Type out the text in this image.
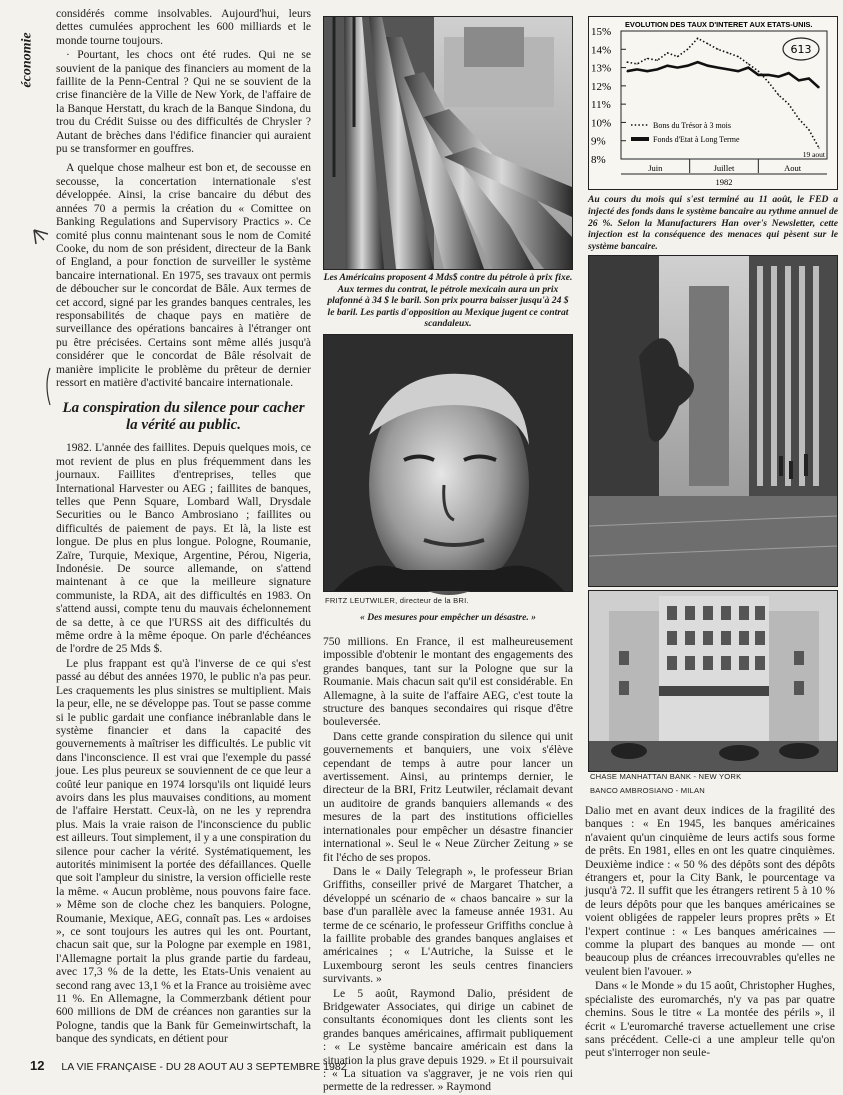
économie

considérés comme insolvables. Aujourd'hui, leurs dettes cumulées approchent les 600 milliards et le monde tourne toujours.

· Pourtant, les chocs ont été rudes. Qui ne se souvient de la panique des financiers au moment de la faillite de la Penn-Central ? Qui ne se souvient de la crise financière de la Ville de New York, de l'affaire de la Banque Herstatt, du krach de la Banque Sindona, du trou du Crédit Suisse ou des difficultés de Chrysler ? Autant de brèches dans l'édifice financier qui auraient pu se transformer en gouffres.

A quelque chose malheur est bon et, de secousse en secousse, la concertation internationale s'est développée. Ainsi, la crise bancaire du début des années 70 a permis la création du « Comittee on Banking Regulations and Supervisory Practics ». Ce comité plus connu maintenant sous le nom de Comité Cooke, du nom de son président, directeur de la Bank of England, a pour fonction de surveiller le système bancaire international. En 1975, ses travaux ont permis de déboucher sur le concordat de Bâle. Aux termes de cet accord, signé par les grandes banques centrales, les responsabilités de chaque pays en matière de surveillance des opérations bancaires à l'étranger ont pu être précisées. Certains sont même allés jusqu'à considérer que le concordat de Bâle résolvait de manière implicite le problème du prêteur de dernier ressort en matière d'activité bancaire internationale.

La conspiration du silence pour cacher la vérité au public.

1982. L'année des faillites. Depuis quelques mois, ce mot revient de plus en plus fréquemment dans les journaux. Faillites d'entreprises, telles que International Harvester ou AEG ; faillites de banques, telles que Penn Square, Lombard Wall, Drysdale Securities ou le Banco Ambrosiano ; faillites ou difficultés de paiement de pays. Et là, la liste est longue. De plus en plus longue. Pologne, Roumanie, Zaïre, Turquie, Mexique, Argentine, Pérou, Nigeria, Indonésie. De source allemande, on s'attend maintenant à ce que la meilleure signature communiste, la RDA, ait des difficultés en 1983. On s'attend aussi, compte tenu du mauvais échelonnement de sa dette, à ce que l'URSS ait des difficultés du même ordre à la même époque. On parle d'échéances de l'ordre de 25 Mds $.

Le plus frappant est qu'à l'inverse de ce qui s'est passé au début des années 1970, le public n'a pas peur. Les craquements les plus sinistres se multiplient. Mais la peur, elle, ne se développe pas. Tout se passe comme si le public gardait une confiance inébranlable dans le système financier et dans la capacité des gouvernements à maîtriser les difficultés. Le public vit dans l'inconscience. Il est vrai que l'exemple du passé joue. Les plus peureux se souviennent de ce que leur a coûté leur panique en 1974 lorsqu'ils ont liquidé leurs avoirs dans les plus mauvaises conditions, au moment de l'affaire Herstatt. Ceux-là, on ne les y reprendra plus. Mais la vraie raison de l'inconscience du public est ailleurs. Tout simplement, il y a une conspiration du silence pour cacher la vérité. Systématiquement, les autorités minimisent la portée des défaillances. Quelle que soit l'ampleur du sinistre, la version officielle reste la même. « Aucun problème, nous pouvons faire face. » Même son de cloche chez les banquiers. Pologne, Roumanie, Mexique, AEG, connaît pas. Les « ardoises », ce sont toujours les autres qui les ont. Pourtant, chacun sait que, sur la Pologne par exemple en 1981, l'Allemagne portait la plus grande partie du fardeau, avec 17,3 % de la dette, les Etats-Unis venaient au second rang avec 13,1 % et la France au troisième avec 11 %. En Allemagne, la Commerzbank détient pour 600 millions de DM de créances non garanties sur la Pologne, tandis que la Bank für Gemeinwirtschaft, la banque des syndicats, en détient pour

Les Américains proposent 4 Mds$ contre du pétrole à prix fixe. Aux termes du contrat, le pétrole mexicain aura un prix plafonné à 34 $ le baril. Son prix pourra baisser jusqu'à 24 $ le baril. Les partis d'opposition au Mexique jugent ce contrat scandaleux.
FRITZ LEUTWILER, directeur de la BRI.
« Des mesures pour empêcher un désastre. »

750 millions. En France, il est malheureusement impossible d'obtenir le montant des engagements des grandes banques, tant sur la Pologne que sur la Roumanie. Mais chacun sait qu'il est considérable. En Allemagne, à la suite de l'affaire AEG, c'est toute la structure des banques secondaires qui risque d'être bouleversée.

Dans cette grande conspiration du silence qui unit gouvernements et banquiers, une voix s'élève cependant de temps à autre pour lancer un avertissement. Ainsi, au printemps dernier, le directeur de la BRI, Fritz Leutwiler, réclamait devant un auditoire de grands banquiers allemands « des mesures de la part des institutions officielles internationales pour empêcher un désastre financier international ». Seul le « Neue Zürcher Zeitung » se fit l'écho de ses propos.

Dans le « Daily Telegraph », le professeur Brian Griffiths, conseiller privé de Margaret Thatcher, a développé un scénario de « chaos bancaire » sur la base d'un parallèle avec la fameuse année 1931. Au terme de ce scénario, le professeur Griffiths conclue à la faillite probable des grandes banques anglaises et américaines ; « L'Autriche, la Suisse et le Luxembourg seront les seuls centres financiers survivants. »

Le 5 août, Raymond Dalio, président de Bridgewater Associates, qui dirige un cabinet de consultants économiques dont les clients sont les grandes banques américaines, affirmait publiquement : « Le système bancaire américain est dans la situation la plus grave depuis 1929. » Et il poursuivait : « La situation va s'aggraver, je ne vois rien qui permette de la redresser. » Raymond

EVOLUTION DES TAUX D'INTERET AUX ETATS-UNIS.
15%
14%
13%
12%
11%
10%
9%
8%
Juin	Juillet	Aout
1982
19 aout
Bons du Trésor à 3 mois
Fonds d'Etat à Long Terme
613
Au cours du mois qui s'est terminé au 11 août, le FED a injecté des fonds dans le système bancaire au rythme annuel de 26 %. Selon la Manufacturers Han over's Newsletter, cette injection est la conséquence des menaces qui pèsent sur le système bancaire.
CHASE MANHATTAN BANK - NEW YORK
BANCO AMBROSIANO - MILAN

Dalio met en avant deux indices de la fragilité des banques : « En 1945, les banques américaines n'avaient qu'un cinquième de leurs actifs sous forme de prêts. En 1981, elles en ont les quatre cinquièmes. Deuxième indice : « 50 % des dépôts sont des dépôts étrangers et, pour la City Bank, le pourcentage va jusqu'à 72. Il suffit que les étrangers retirent 5 à 10 % de leurs dépôts pour que les banques américaines se voient obligées de rappeler leurs propres prêts » Et l'expert continue : « Les banques américaines — comme la plupart des banques au monde — ont beaucoup plus de créances irrecouvrables qu'elles ne veulent bien l'avouer. »

Dans « le Monde » du 15 août, Christopher Hughes, spécialiste des euromarchés, n'y va pas par quatre chemins. Sous le titre « La montée des périls », il écrit « L'euromarché traverse actuellement une crise sans précédent. Celle-ci a une ampleur telle qu'on peut s'interroger non seule-

12 LA VIE FRANÇAISE - DU 28 AOUT AU 3 SEPTEMBRE 1982
